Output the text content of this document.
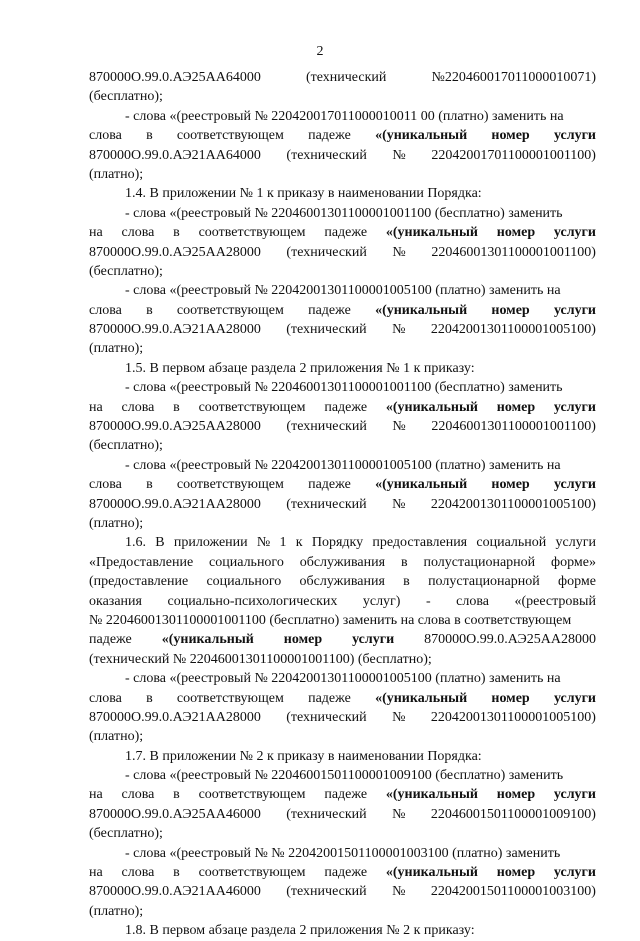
2
870000О.99.0.АЭ25АА64000	(технический	№220460017011000010071)
(бесплатно);
- слова «(реестровый № 220420017011000010011 00 (платно) заменить на
слова в соответствующем падеже «(уникальный номер услуги
870000О.99.0.АЭ21АА64000 (технический № 22042001701100001001100)
(платно);
1.4. В приложении № 1 к приказу в наименовании Порядка:
- слова «(реестровый № 22046001301100001001100 (бесплатно) заменить
на слова в соответствующем падеже «(уникальный номер услуги
870000О.99.0.АЭ25АА28000 (технический № 22046001301100001001100)
(бесплатно);
- слова «(реестровый № 22042001301100001005100 (платно) заменить на
слова в соответствующем падеже «(уникальный номер услуги
870000О.99.0.АЭ21АА28000 (технический № 22042001301100001005100)
(платно);
1.5. В первом абзаце раздела 2 приложения № 1 к приказу:
- слова «(реестровый № 22046001301100001001100 (бесплатно) заменить
на слова в соответствующем падеже «(уникальный номер услуги
870000О.99.0.АЭ25АА28000 (технический № 22046001301100001001100)
(бесплатно);
- слова «(реестровый № 22042001301100001005100 (платно) заменить на
слова в соответствующем падеже «(уникальный номер услуги
870000О.99.0.АЭ21АА28000 (технический № 22042001301100001005100)
(платно);
1.6. В приложении № 1 к Порядку предоставления социальной услуги
«Предоставление социального обслуживания в полустационарной форме»
(предоставление социального обслуживания в полустационарной форме
оказания социально-психологических услуг) - слова «(реестровый
№ 22046001301100001001100 (бесплатно) заменить на слова в соответствующем
падеже «(уникальный номер услуги 870000О.99.0.АЭ25АА28000
(технический № 22046001301100001001100) (бесплатно);
- слова «(реестровый № 22042001301100001005100 (платно) заменить на
слова в соответствующем падеже «(уникальный номер услуги
870000О.99.0.АЭ21АА28000 (технический № 22042001301100001005100)
(платно);
1.7. В приложении № 2 к приказу в наименовании Порядка:
- слова «(реестровый № 22046001501100001009100 (бесплатно) заменить
на слова в соответствующем падеже «(уникальный номер услуги
870000О.99.0.АЭ25АА46000 (технический № 22046001501100001009100)
(бесплатно);
- слова «(реестровый № № 22042001501100001003100 (платно) заменить
на слова в соответствующем падеже «(уникальный номер услуги
870000О.99.0.АЭ21АА46000 (технический № 22042001501100001003100)
(платно);
1.8. В первом абзаце раздела 2 приложения № 2 к приказу:
